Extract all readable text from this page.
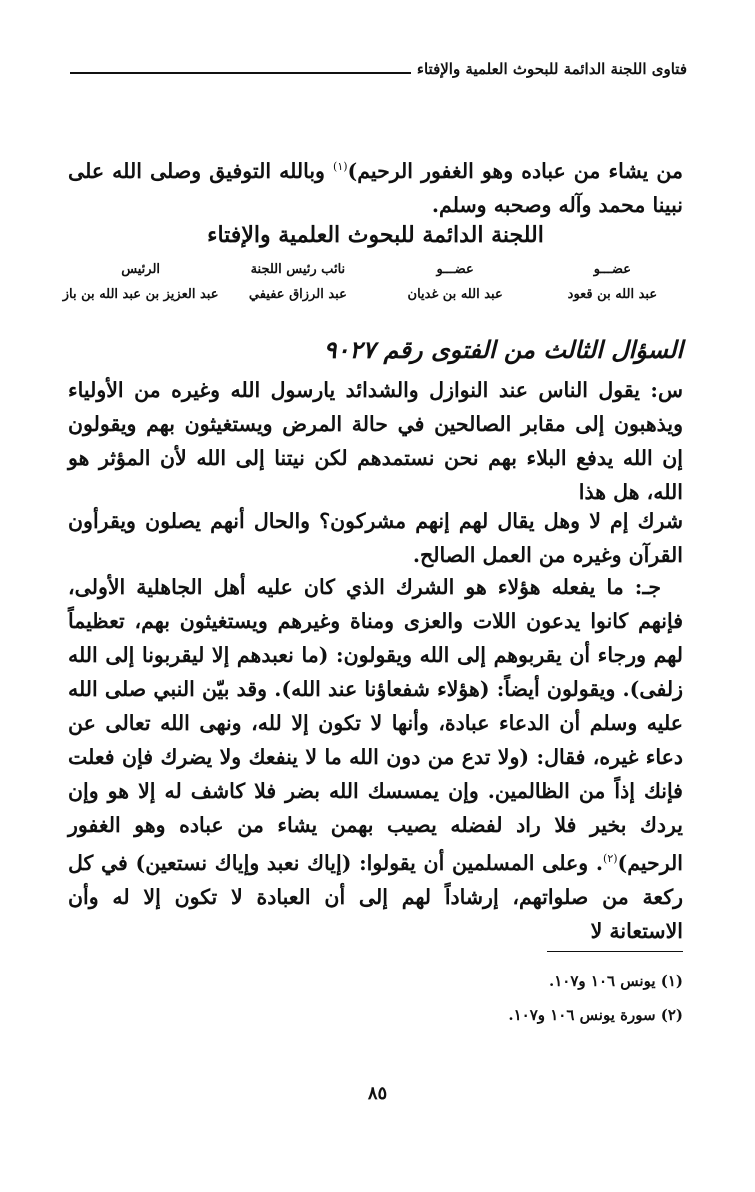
فتاوى اللجنة الدائمة للبحوث العلمية والإفتاء

من يشاء من عباده وهو الغفور الرحيم)$^{(١)}$ وبالله التوفيق وصلى الله على نبينا محمد وآله وصحبه وسلم.

اللجنة الدائمة للبحوث العلمية والإفتاء
الرئيس	نائب رئيس اللجنة	عضـــو	عضـــو
عبد العزيز بن عبد الله بن باز	عبد الرزاق عفيفي	عبد الله بن غديان	عبد الله بن قعود
السؤال الثالث من الفتوى رقم ٩٠٢٧

س: يقول الناس عند النوازل والشدائد يارسول الله وغيره من الأولياء ويذهبون إلى مقابر الصالحين في حالة المرض ويستغيثون بهم ويقولون إن الله يدفع البلاء بهم نحن نستمدهم لكن نيتنا إلى الله لأن المؤثر هو الله، هل هذا

شرك إم لا وهل يقال لهم إنهم مشركون؟ والحال أنهم يصلون ويقرأون القرآن وغيره من العمل الصالح.

جـ: ما يفعله هؤلاء هو الشرك الذي كان عليه أهل الجاهلية الأولى، فإنهم كانوا يدعون اللات والعزى ومناة وغيرهم ويستغيثون بهم، تعظيماً لهم ورجاء أن يقربوهم إلى الله ويقولون: (ما نعبدهم إلا ليقربونا إلى الله زلفى). ويقولون أيضاً: (هؤلاء شفعاؤنا عند الله). وقد بيّن النبي صلى الله عليه وسلم أن الدعاء عبادة، وأنها لا تكون إلا لله، ونهى الله تعالى عن دعاء غيره، فقال: (ولا تدع من دون الله ما لا ينفعك ولا يضرك فإن فعلت فإنك إذاً من الظالمين. وإن يمسسك الله بضر فلا كاشف له إلا هو وإن يردك بخير فلا راد لفضله يصيب بهمن يشاء من عباده وهو الغفور الرحيم)$^{(٢)}$. وعلى المسلمين أن يقولوا: (إياك نعبد وإياك نستعين) في كل ركعة من صلواتهم، إرشاداً لهم إلى أن العبادة لا تكون إلا له وأن الاستعانة لا

(١) يونس ١٠٦ و١٠٧.
(٢) سورة يونس ١٠٦ و١٠٧.
٨٥
